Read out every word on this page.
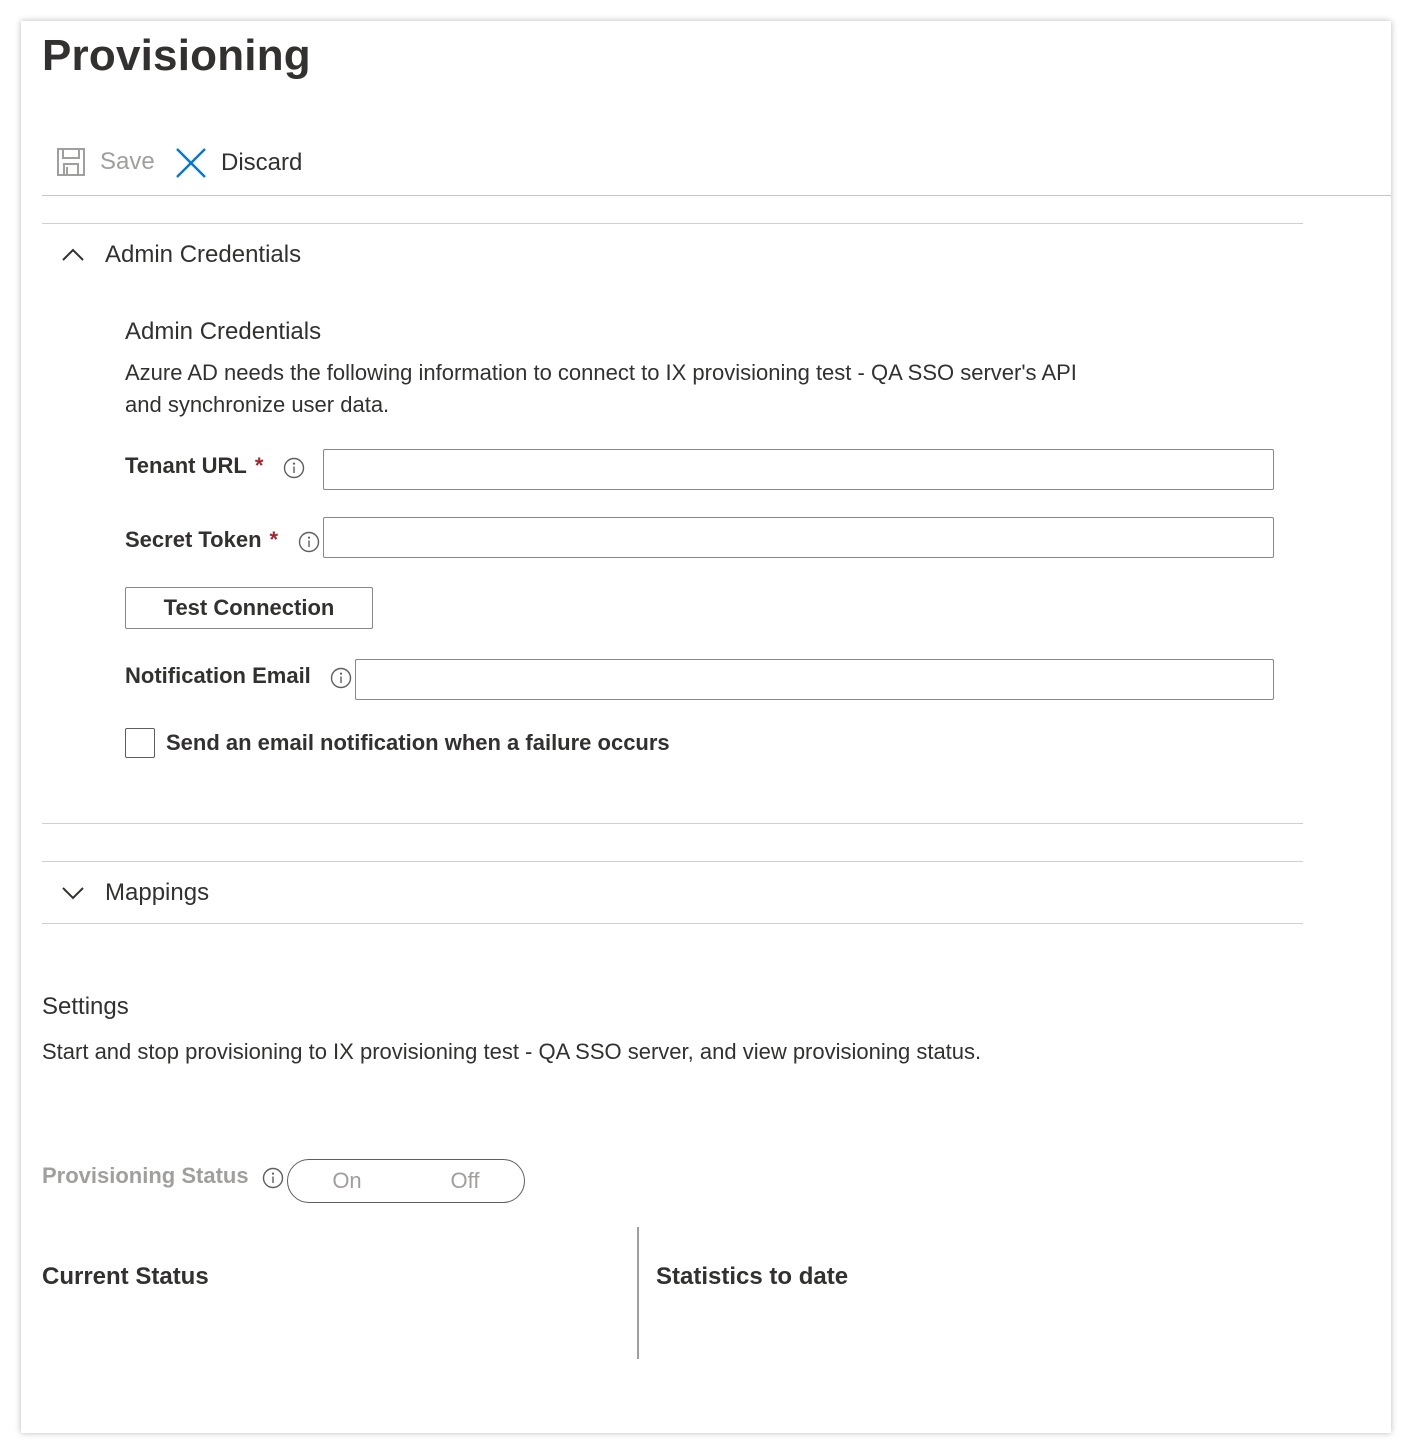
Provisioning
Save	Discard
Admin Credentials
Admin Credentials
Azure AD needs the following information to connect to IX provisioning test - QA SSO server's API
and synchronize user data.
Tenant URL *
Secret Token *
Test Connection
Notification Email
Send an email notification when a failure occurs
Mappings
Settings
Start and stop provisioning to IX provisioning test - QA SSO server, and view provisioning status.
Provisioning Status	On	Off
Current Status	Statistics to date
